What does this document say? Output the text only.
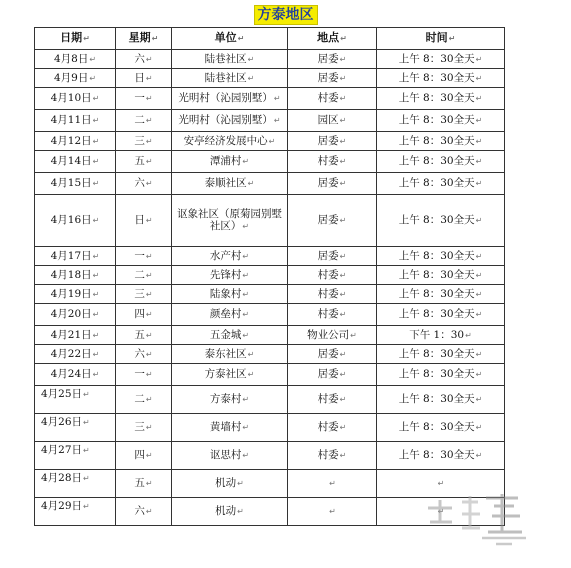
方泰地区
日期↵	星期↵	单位↵	地点↵	时间↵
4月8日↵	六↵	陆巷社区↵	居委↵	上午 8：30全天↵
4月9日↵	日↵	陆巷社区↵	居委↵	上午 8：30全天↵
4月10日↵	一↵	光明村（沁园别墅）↵	村委↵	上午 8：30全天↵
4月11日↵	二↵	光明村（沁园别墅）↵	园区↵	上午 8：30全天↵
4月12日↵	三↵	安亭经济发展中心↵	居委↵	上午 8：30全天↵
4月14日↵	五↵	潭浦村↵	村委↵	上午 8：30全天↵
4月15日↵	六↵	泰顺社区↵	居委↵	上午 8：30全天↵
4月16日↵	日↵	讴象社区（原菊园别墅社区）↵	居委↵	上午 8：30全天↵
4月17日↵	一↵	水产村↵	居委↵	上午 8：30全天↵
4月18日↵	二↵	先锋村↵	村委↵	上午 8：30全天↵
4月19日↵	三↵	陆象村↵	村委↵	上午 8：30全天↵
4月20日↵	四↵	颜垒村↵	村委↵	上午 8：30全天↵
4月21日↵	五↵	五金城↵	物业公司↵	下午 1：30↵
4月22日↵	六↵	泰东社区↵	居委↵	上午 8：30全天↵
4月24日↵	一↵	方泰社区↵	居委↵	上午 8：30全天↵
4月25日↵	二↵	方泰村↵	村委↵	上午 8：30全天↵
4月26日↵	三↵	黄墙村↵	村委↵	上午 8：30全天↵
4月27日↵	四↵	讴思村↵	村委↵	上午 8：30全天↵
4月28日↵	五↵	机动↵	↵	↵
4月29日↵	六↵	机动↵	↵	↵
